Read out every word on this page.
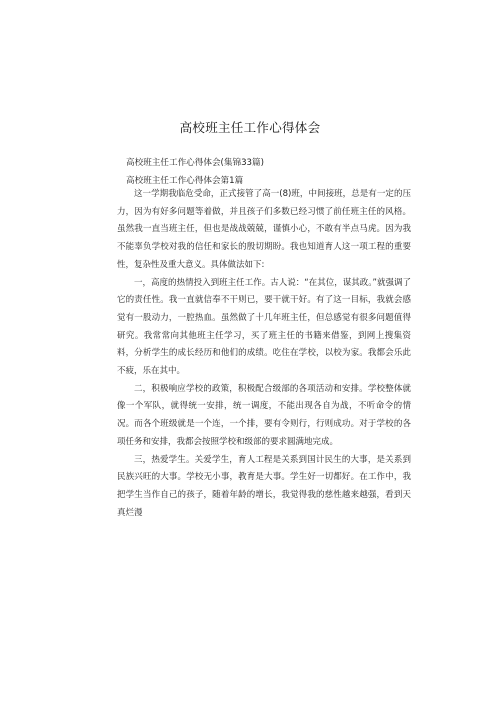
高校班主任工作心得体会
高校班主任工作心得体会(集锦33篇)
高校班主任工作心得体会第1篇

这一学期我临危受命，正式接管了高一(8)班，中间接班，总是有一定的压力，因为有好多问题等着做，并且孩子们多数已经习惯了前任班主任的风格。虽然我一直当班主任，但也是战战兢兢，谨慎小心，不敢有半点马虎。因为我不能辜负学校对我的信任和家长的殷切期盼。我也知道育人这一项工程的重要性，复杂性及重大意义。具体做法如下:

一，高度的热情投入到班主任工作。古人说：“在其位，谋其政。”就强调了它的责任性。我一直就信奉不干则已，要干就干好。有了这一目标，我就会感觉有一股动力，一腔热血。虽然做了十几年班主任，但总感觉有很多问题值得研究。我常常向其他班主任学习，买了班主任的书籍来借鉴，到网上搜集资料，分析学生的成长经历和他们的成绩。吃住在学校，以校为家。我都会乐此不疲，乐在其中。

二，积极响应学校的政策，积极配合级部的各项活动和安排。学校整体就像一个军队，就得统一安排，统一调度，不能出现各自为战，不听命令的情况。而各个班级就是一个连，一个排，要有令则行，行则成功。对于学校的各项任务和安排，我都会按照学校和级部的要求圆满地完成。

三，热爱学生。关爱学生，育人工程是关系到国计民生的大事，是关系到民族兴旺的大事。学校无小事，教育是大事。学生好一切都好。在工作中，我把学生当作自己的孩子，随着年龄的增长，我觉得我的慈性越来越强，看到天真烂漫
